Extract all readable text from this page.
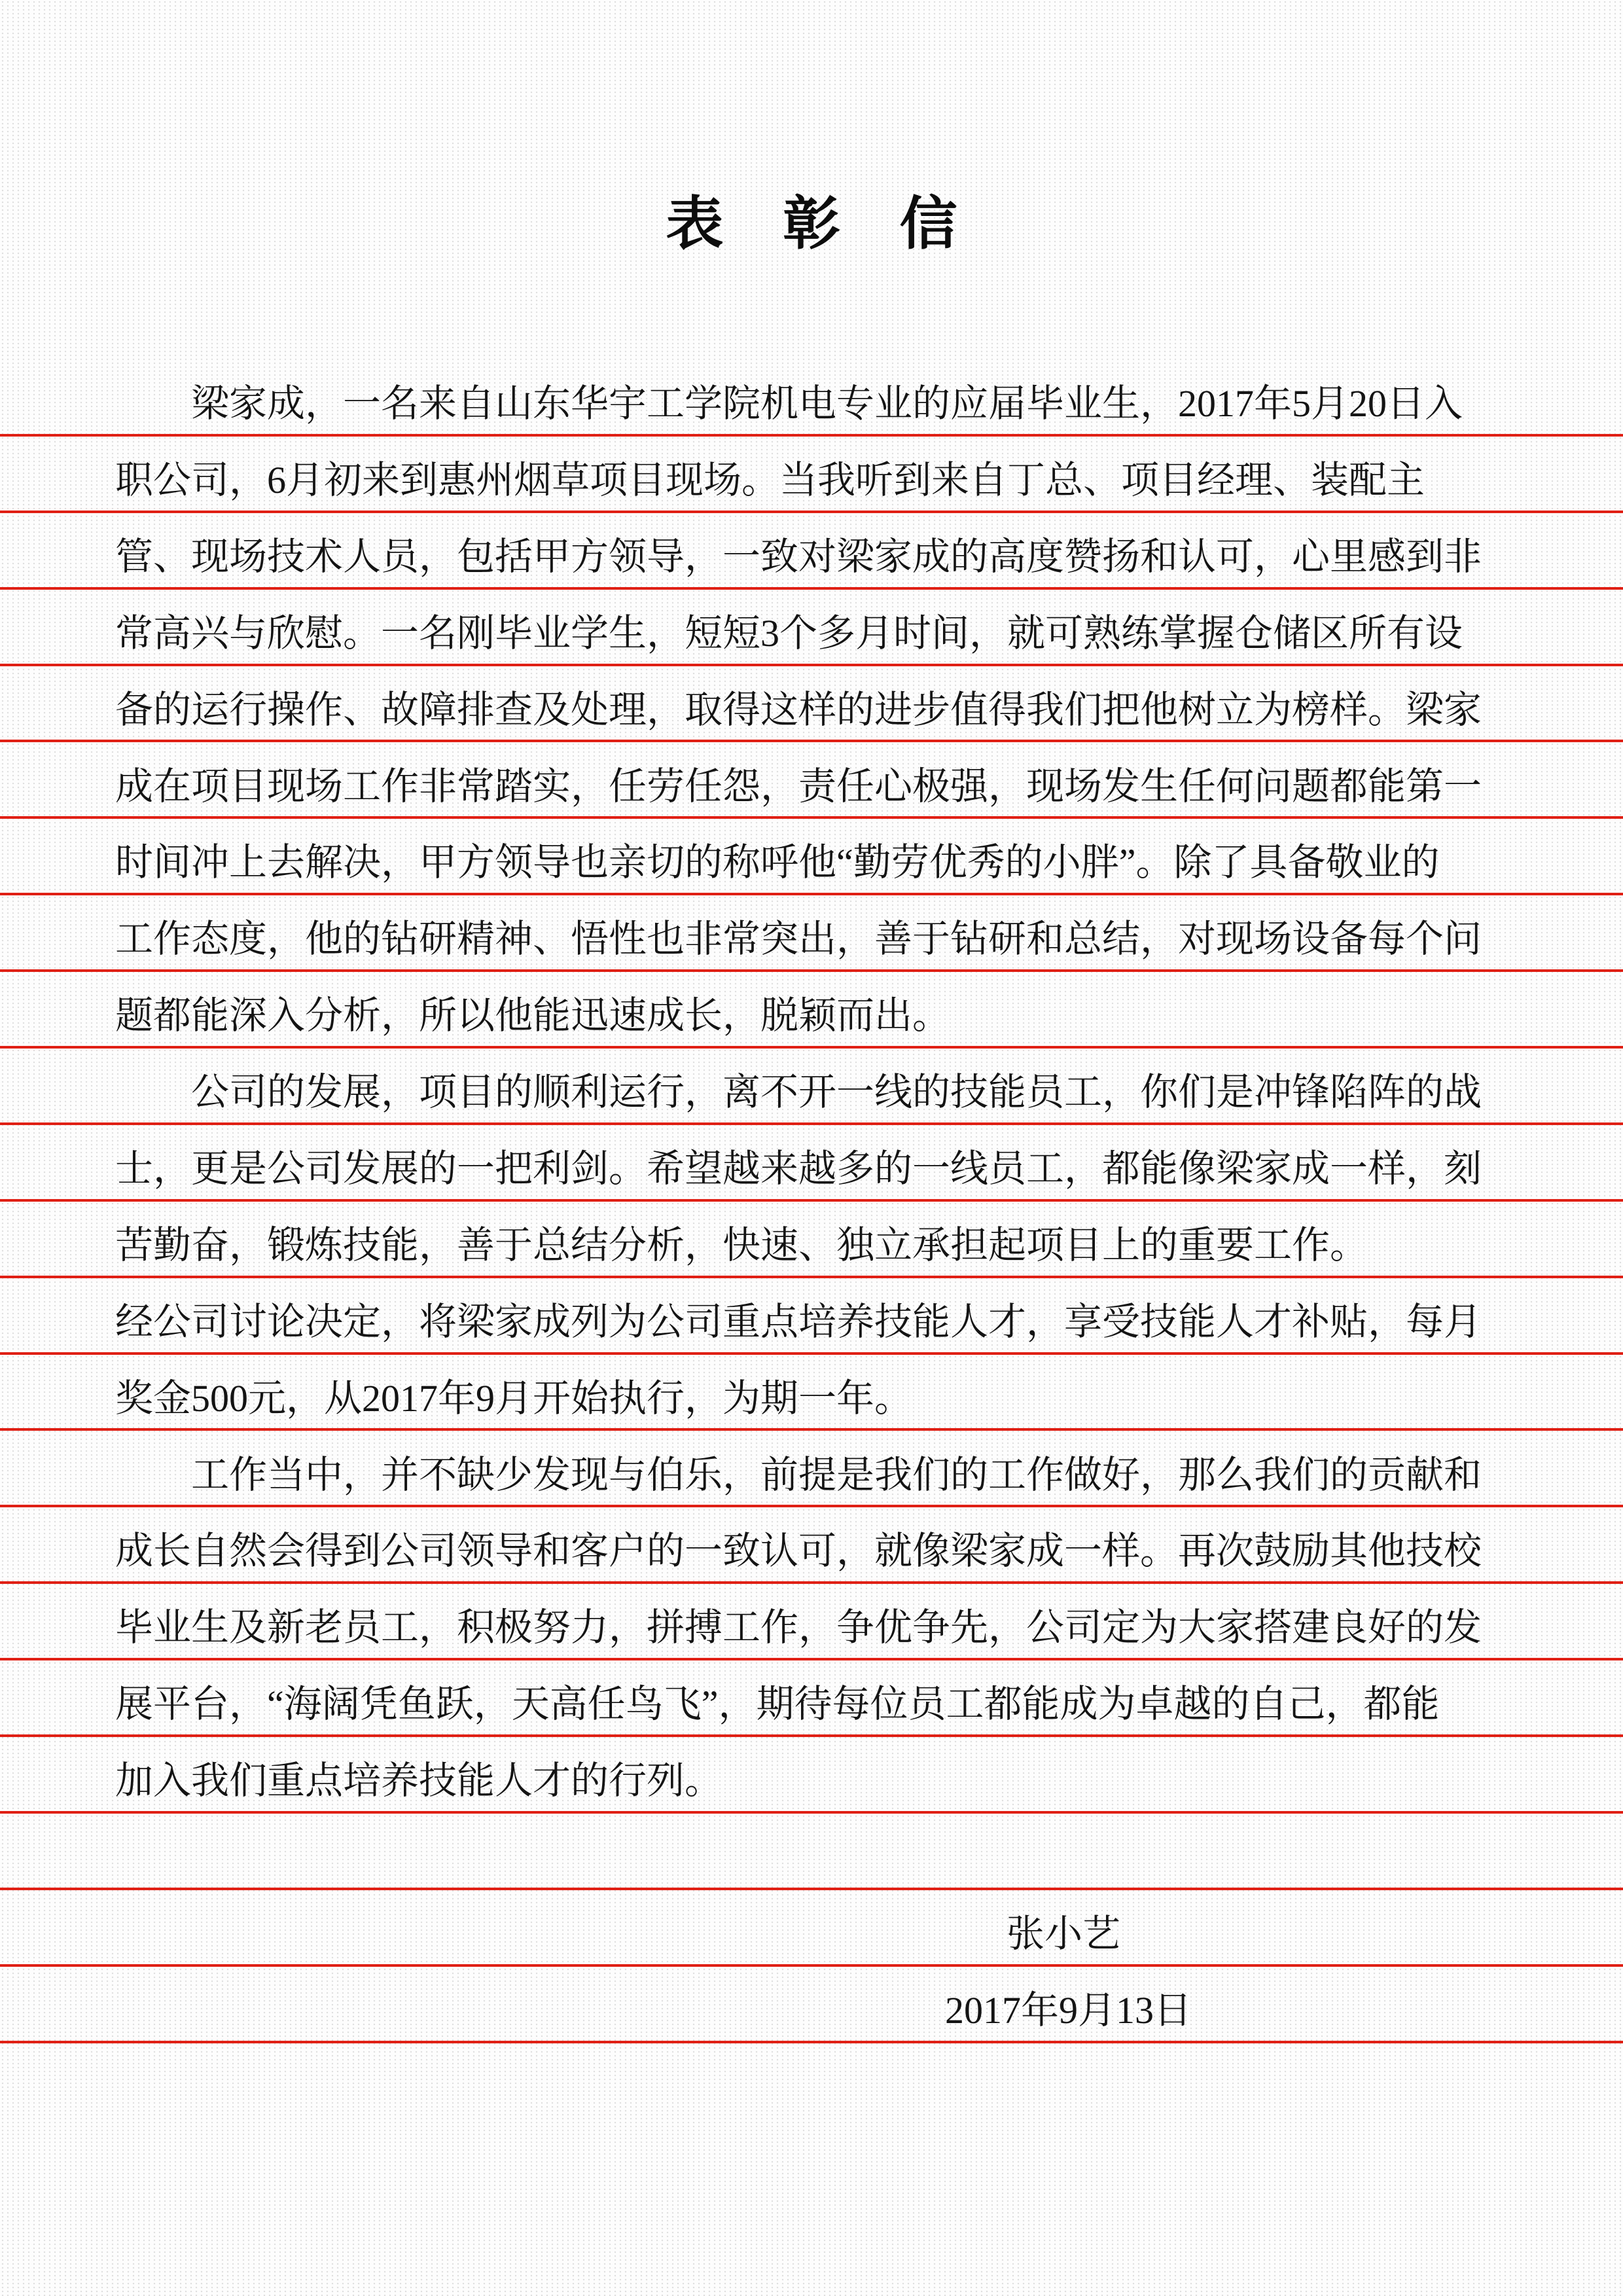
表 彰 信
梁家成，一名来自山东华宇工学院机电专业的应届毕业生，2017年5月20日入
职公司，6月初来到惠州烟草项目现场。当我听到来自丁总、项目经理、装配主
管、现场技术人员，包括甲方领导，一致对梁家成的高度赞扬和认可，心里感到非
常高兴与欣慰。一名刚毕业学生，短短3个多月时间，就可熟练掌握仓储区所有设
备的运行操作、故障排查及处理，取得这样的进步值得我们把他树立为榜样。梁家
成在项目现场工作非常踏实，任劳任怨，责任心极强，现场发生任何问题都能第一
时间冲上去解决，甲方领导也亲切的称呼他“勤劳优秀的小胖”。除了具备敬业的
工作态度，他的钻研精神、悟性也非常突出，善于钻研和总结，对现场设备每个问
题都能深入分析，所以他能迅速成长，脱颖而出。
公司的发展，项目的顺利运行，离不开一线的技能员工，你们是冲锋陷阵的战
士，更是公司发展的一把利剑。希望越来越多的一线员工，都能像梁家成一样，刻
苦勤奋，锻炼技能，善于总结分析，快速、独立承担起项目上的重要工作。
经公司讨论决定，将梁家成列为公司重点培养技能人才，享受技能人才补贴，每月
奖金500元，从2017年9月开始执行，为期一年。
工作当中，并不缺少发现与伯乐，前提是我们的工作做好，那么我们的贡献和
成长自然会得到公司领导和客户的一致认可，就像梁家成一样。再次鼓励其他技校
毕业生及新老员工，积极努力，拼搏工作，争优争先，公司定为大家搭建良好的发
展平台，“海阔凭鱼跃，天高任鸟飞”，期待每位员工都能成为卓越的自己，都能
加入我们重点培养技能人才的行列。
张小艺
2017年9月13日
